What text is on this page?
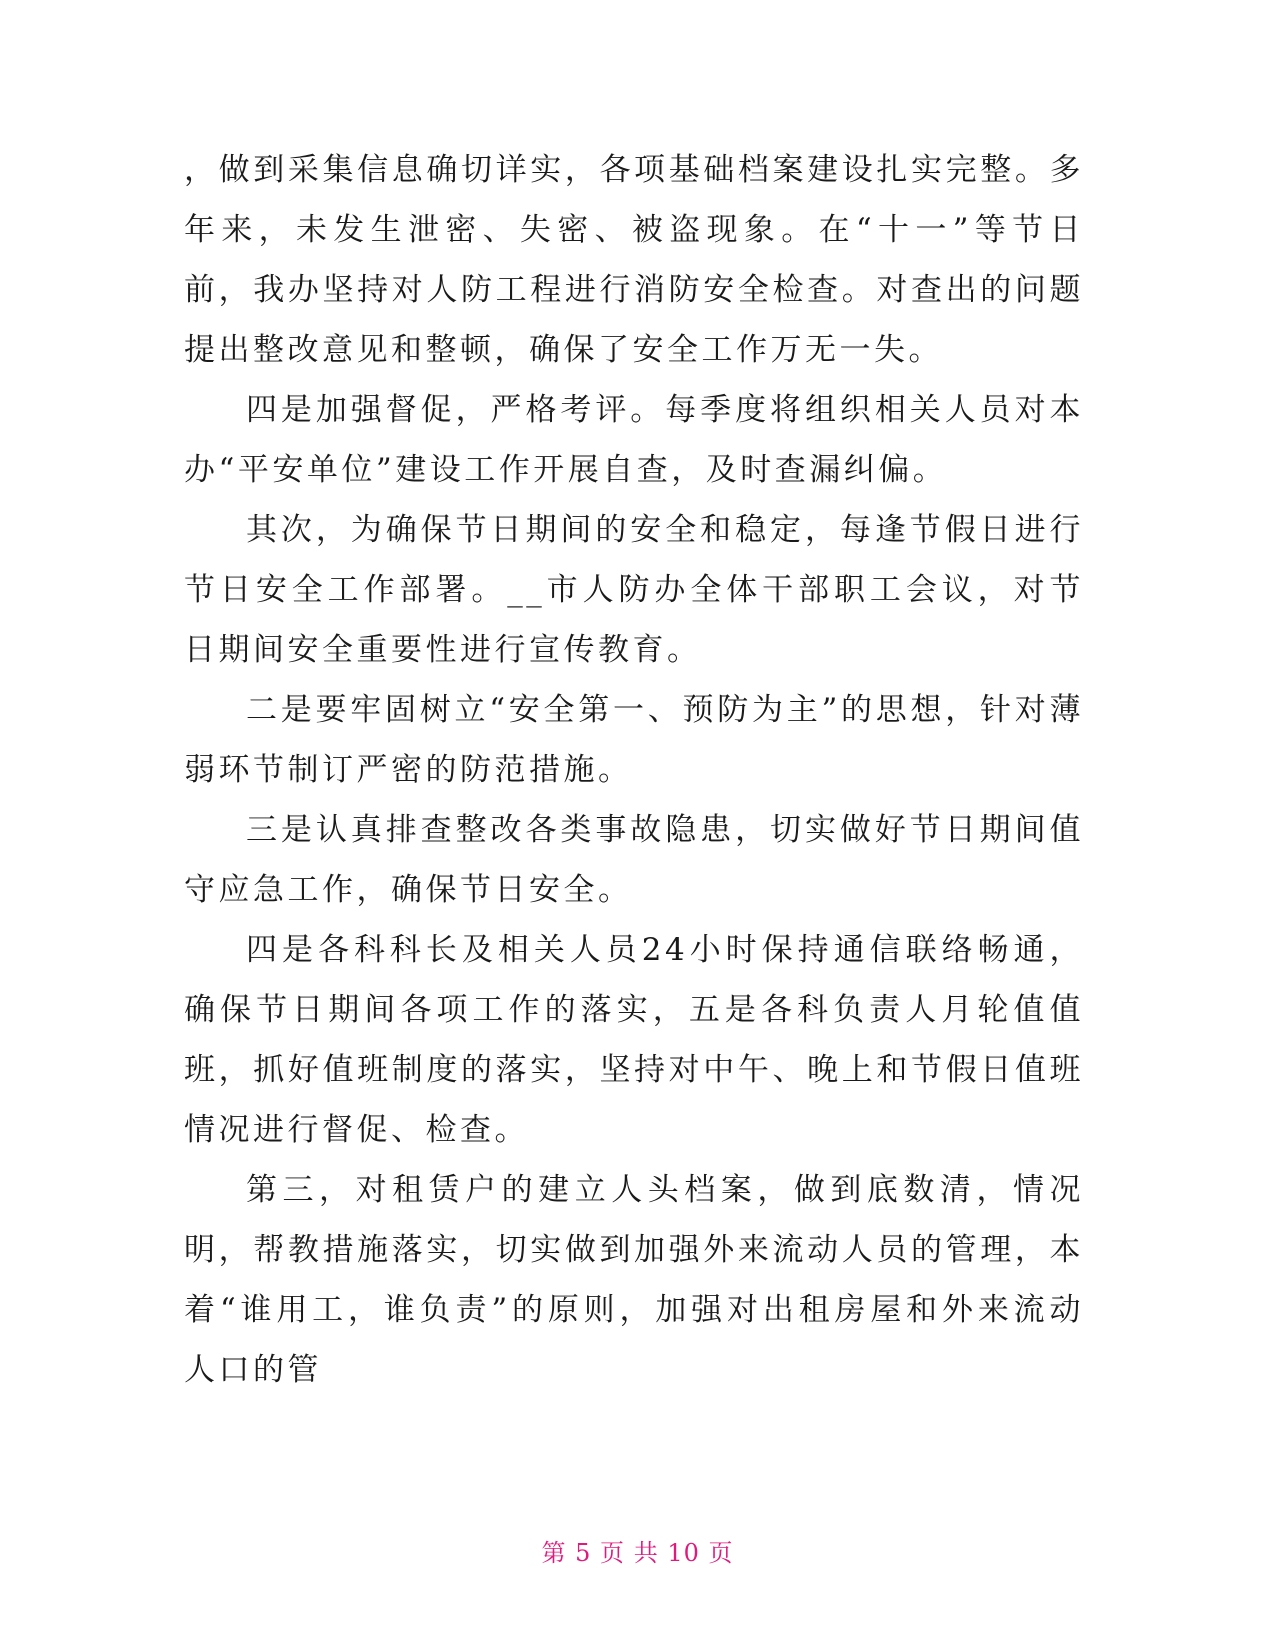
，做到采集信息确切详实，各项基础档案建设扎实完整。多年来，未发生泄密、失密、被盗现象。在“十一”等节日前，我办坚持对人防工程进行消防安全检查。对查出的问题提出整改意见和整顿，确保了安全工作万无一失。

四是加强督促，严格考评。每季度将组织相关人员对本办“平安单位”建设工作开展自查，及时查漏纠偏。

其次，为确保节日期间的安全和稳定，每逢节假日进行节日安全工作部署。__市人防办全体干部职工会议，对节日期间安全重要性进行宣传教育。

二是要牢固树立“安全第一、预防为主”的思想，针对薄弱环节制订严密的防范措施。

三是认真排查整改各类事故隐患，切实做好节日期间值守应急工作，确保节日安全。

四是各科科长及相关人员24小时保持通信联络畅通，确保节日期间各项工作的落实，五是各科负责人月轮值值班，抓好值班制度的落实，坚持对中午、晚上和节假日值班情况进行督促、检查。

第三，对租赁户的建立人头档案，做到底数清，情况明，帮教措施落实，切实做到加强外来流动人员的管理，本着“谁用工，谁负责”的原则，加强对出租房屋和外来流动人口的管

第 5 页 共 10 页
